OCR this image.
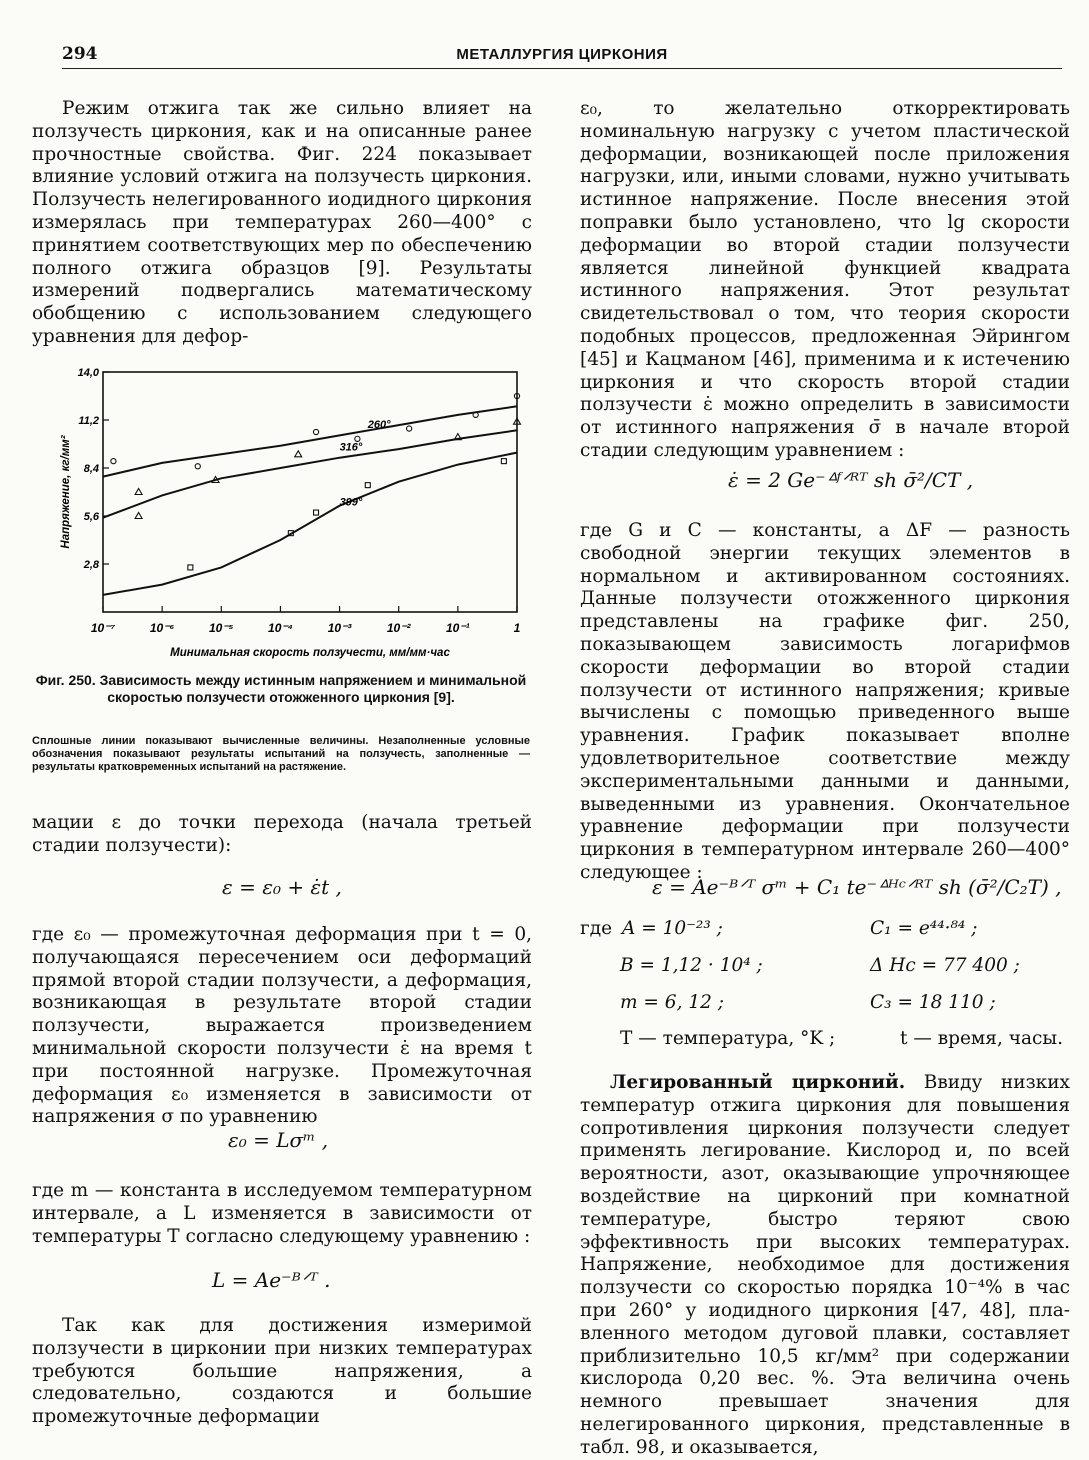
294	МЕТАЛЛУРГИЯ ЦИРКОНИЯ

Режим отжига так же сильно влияет на ползучесть циркония, как и на описанные ранее прочностные свойства. Фиг. 224 показывает влияние условий отжига на ползучесть циркония. Ползучесть нелегированного иодидного циркония измерялась при температурах 260—400° с принятием соответствующих мер по обеспечению полного отжига образцов [9]. Результаты измерений подвергались математическому обобщению с использованием следующего уравнения для дефор-

10⁻⁷	10⁻⁶	10⁻⁵	10⁻⁴	10⁻³	10⁻²	10⁻¹	1
2,8
5,6
8,4
11,2
14,0
Минимальная скорость ползучести, мм/мм·час
Напряжение, кг/мм²
260°
316°
399°
Фиг. 250. Зависимость между истинным напряжением и минимальной скоростью ползучести отожженного циркония [9].
Сплошные линии показывают вычисленные величины. Незаполненные условные обозначения показывают результаты испытаний на ползучесть, заполненные — результаты кратковременных испытаний на растяжение.

мации ε до точки перехода (начала третьей стадии ползучести):

ε = ε₀ + ε̇t ,

где ε₀ — промежуточная деформация при t = 0, получающаяся пересечением оси деформаций прямой второй стадии ползучести, а деформация, возникающая в результате второй стадии ползучести, выражается произведением минимальной скорости ползучести ε̇ на время t при постоянной нагрузке. Промежуточная деформация ε₀ изменяется в зависимости от напряжения σ по уравнению

ε₀ = Lσᵐ ,

где m — константа в исследуемом температурном интервале, а L изменяется в зависимости от температуры T согласно следующему уравнению :

L = Ae⁻ᴮᐟᵀ .

Так как для достижения измеримой ползучести в цирконии при низких температурах требуются большие напряжения, а следовательно, создаются и большие промежуточные деформации

ε₀, то желательно откорректировать номинальную нагрузку с учетом пластической деформации, возникающей после приложения нагрузки, или, иными словами, нужно учитывать истинное напряжение. После внесения этой поправки было установлено, что lg скорости деформации во второй стадии ползучести является линейной функцией квадрата истинного напряжения. Этот результат свидетельствовал о том, что теория скорости подобных процессов, предложенная Эйрингом [45] и Кацманом [46], применима и к истечению циркония и что скорость второй стадии ползучести ε̇ можно определить в зависимости от истинного напряжения σ̄ в начале второй стадии следующим уравнением :

ε̇ = 2 Ge⁻ᐞᶠᐟᴿᵀ sh σ̄²/CT ,

где G и C — константы, а ΔF — разность свободной энергии текущих элементов в нормальном и активированном состояниях. Данные ползучести отожженного циркония представлены на графике фиг. 250, показывающем зависимость логарифмов скорости деформации во второй стадии ползучести от истинного напряжения; кривые вычислены с помощью приведенного выше уравнения. График показывает вполне удовлетворительное соответствие между экспериментальными данными и данными, выведенными из уравнения. Окончательное уравнение деформации при ползучести циркония в температурном интервале 260—400° следующее :

ε = Ae⁻ᴮᐟᵀ σᵐ + C₁ te⁻ᐞᴴᶜᐟᴿᵀ sh (σ̄²/C₂T) ,
где A = 10⁻²³ ;	C₁ = e⁴⁴·⁸⁴ ;
B = 1,12 · 10⁴ ;	Δ Hc = 77 400 ;
m = 6, 12 ;	C₃ = 18 110 ;
T — температура, °K ;	t — время, часы.

Легированный цирконий. Ввиду низких температур отжига циркония для повышения сопротивления циркония ползучести следует применять легирование. Кислород и, по всей вероятности, азот, оказывающие упрочняющее воздействие на цирконий при комнатной температуре, быстро теряют свою эффективность при высоких температурах. Напряжение, необходимое для достижения ползучести со скоростью порядка 10⁻⁴% в час при 260° у иодидного циркония [47, 48], плавленного методом дуговой плавки, составляет приблизительно 10,5 кг/мм² при содержании кислорода 0,20 вес. %. Эта величина очень немного превышает значения для нелегированного циркония, представленные в табл. 98, и оказывается,
